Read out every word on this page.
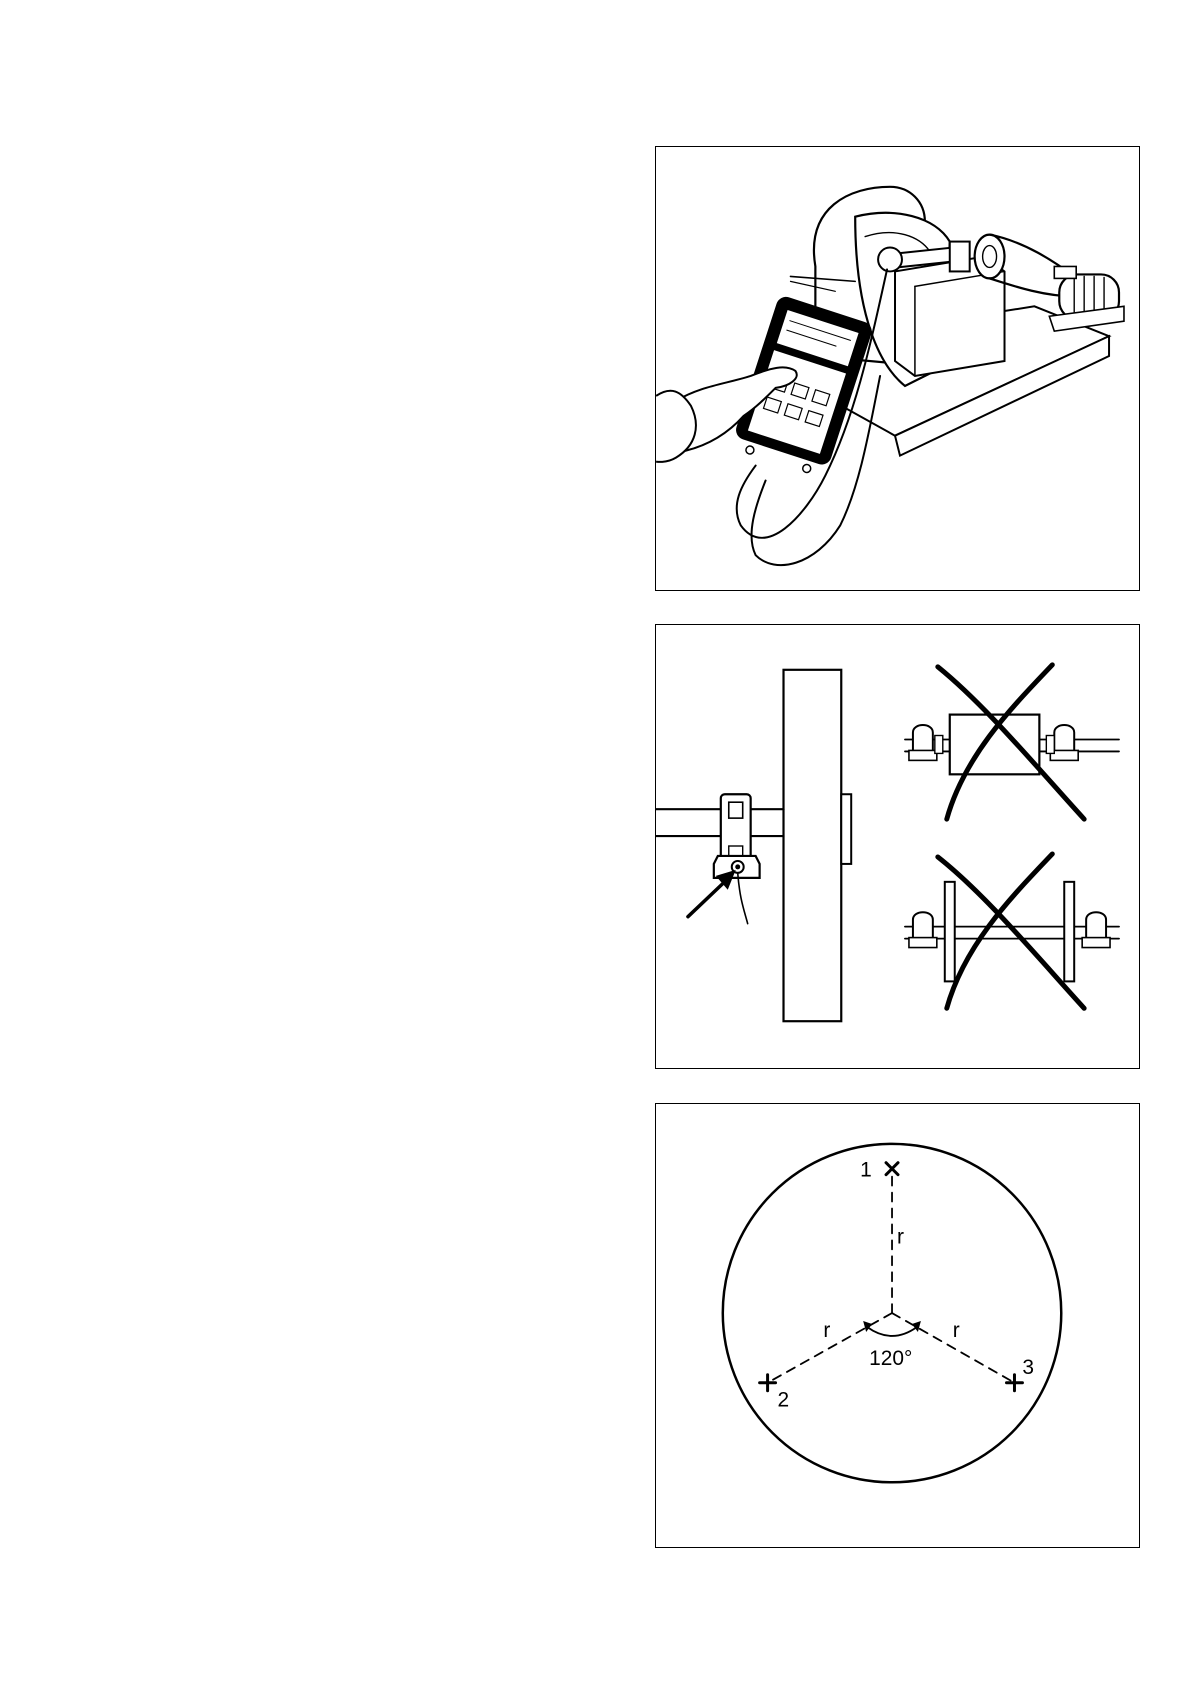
1
2
3
r
r	r
120°
